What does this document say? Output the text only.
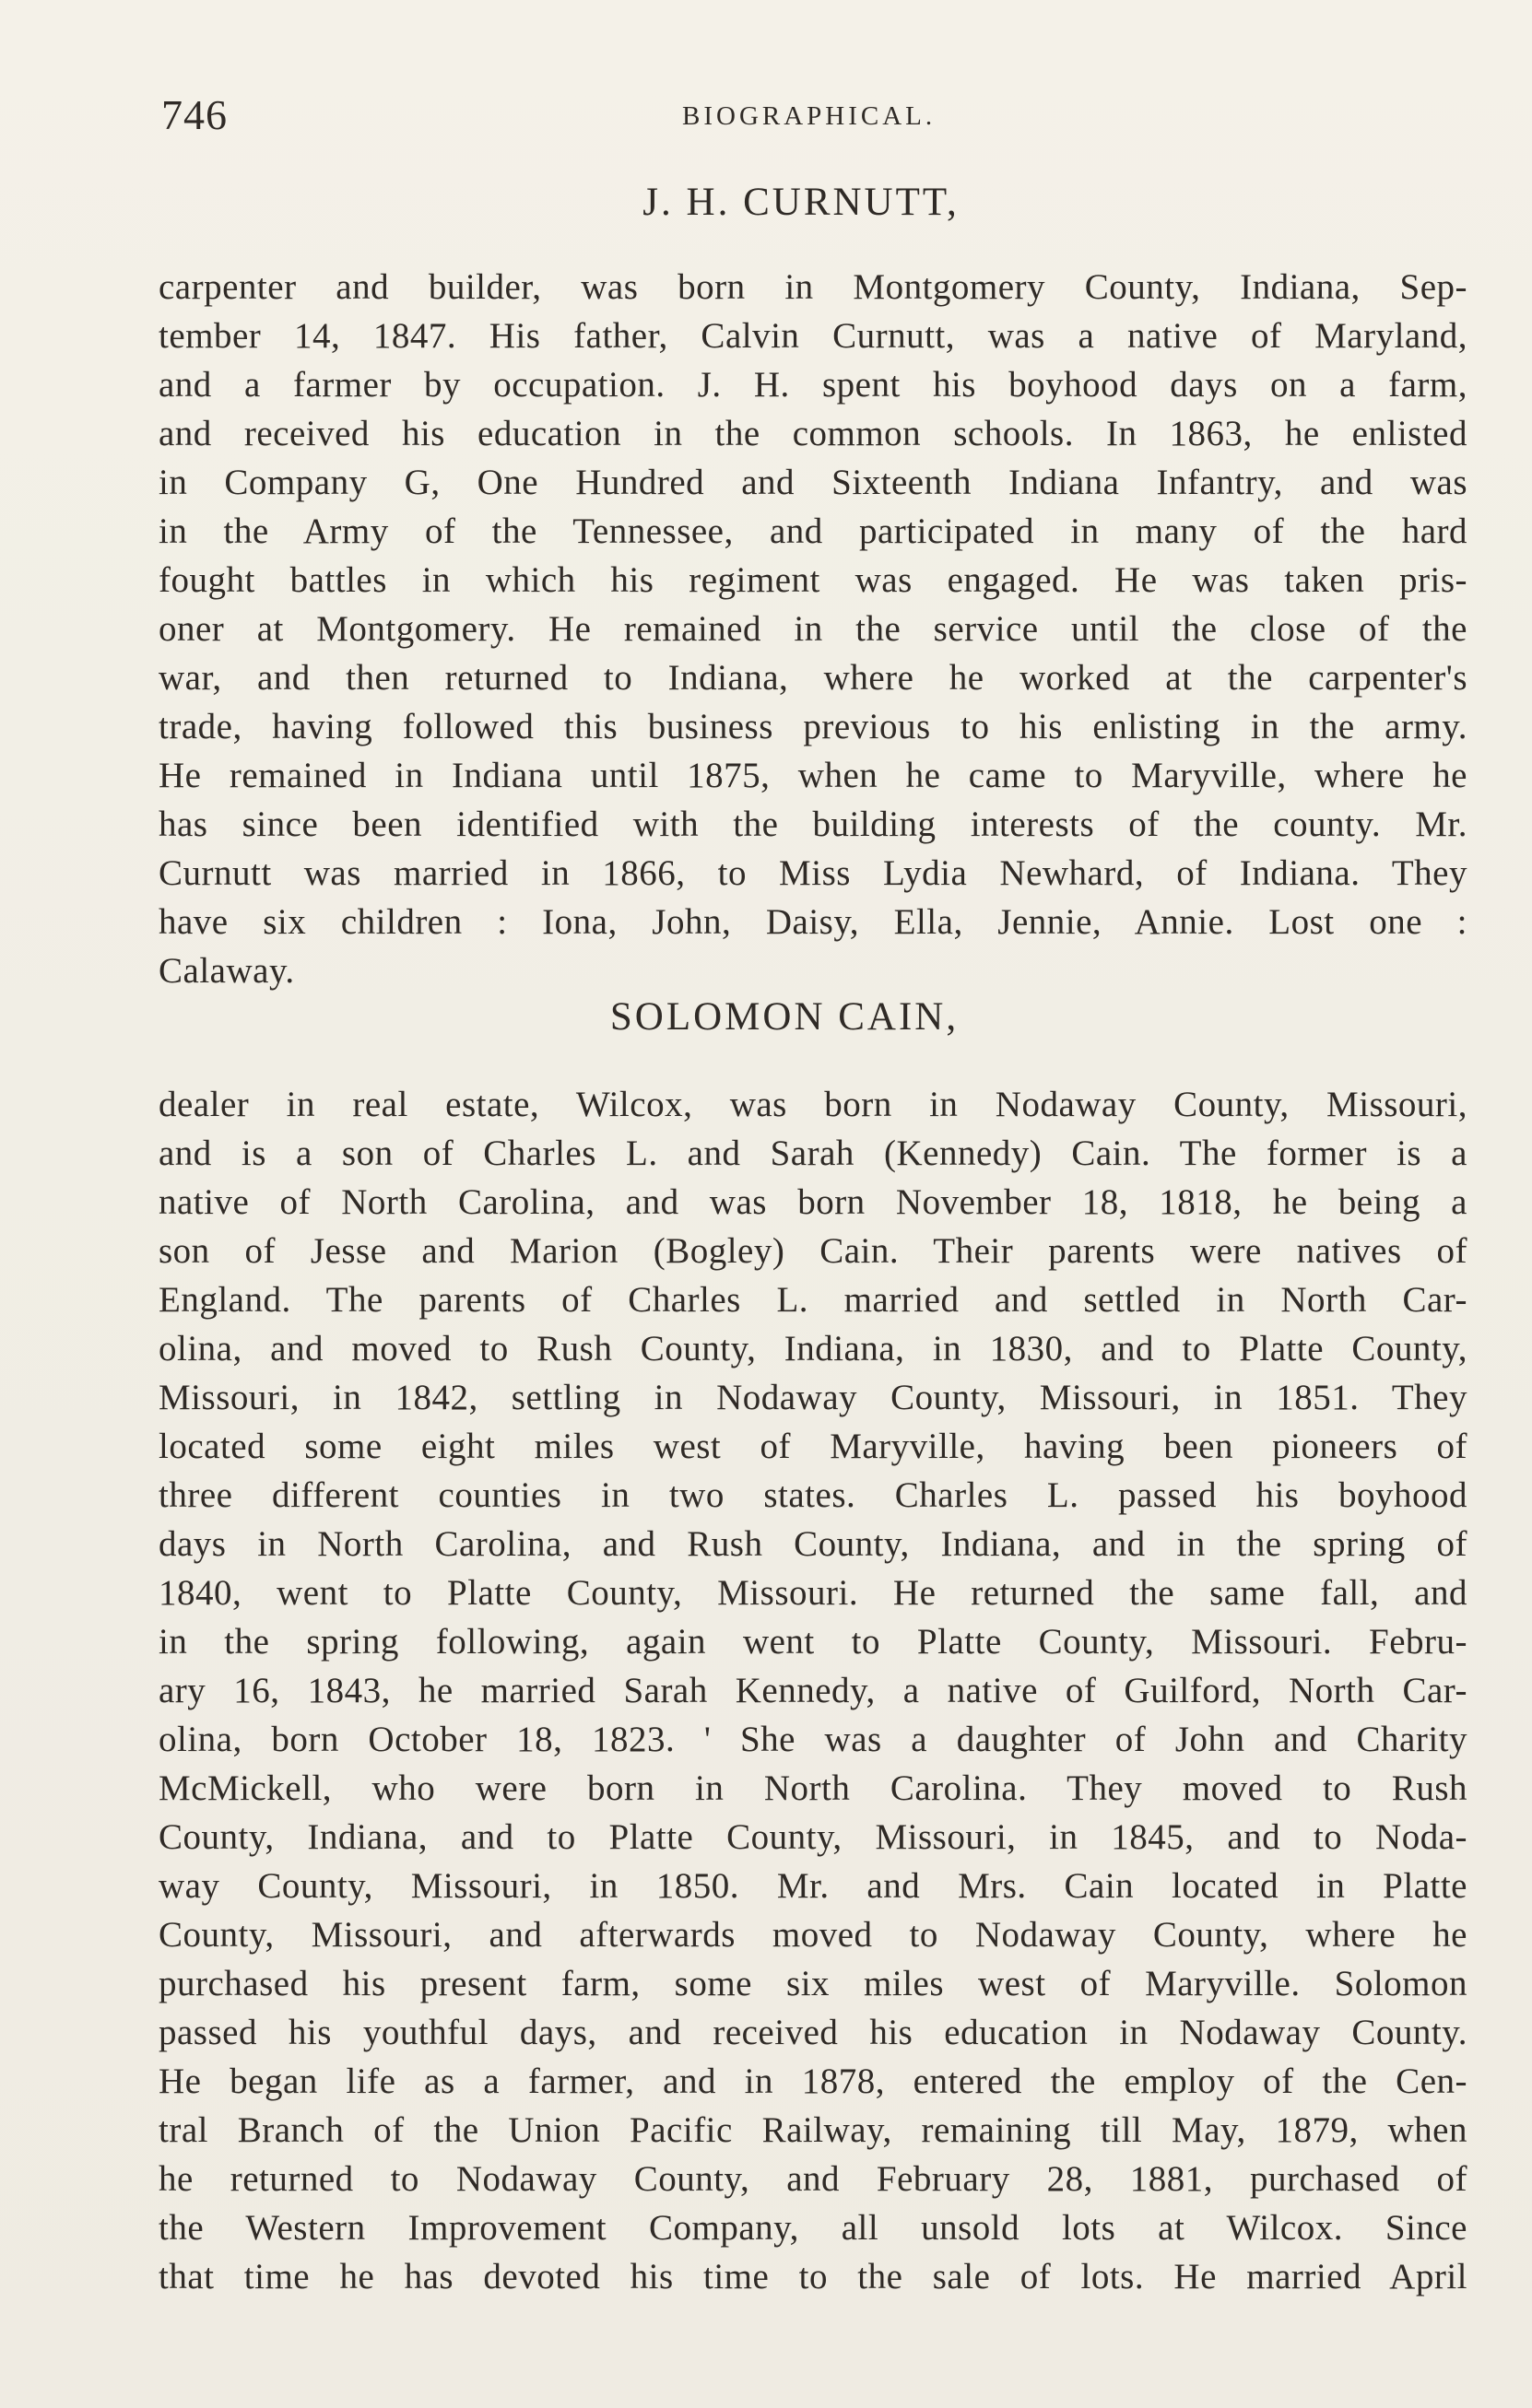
746	BIOGRAPHICAL.
J. H. CURNUTT,
carpenter and builder, was born in Montgomery County, Indiana, Sep-
tember 14, 1847. His father, Calvin Curnutt, was a native of Maryland,
and a farmer by occupation. J. H. spent his boyhood days on a farm,
and received his education in the common schools. In 1863, he enlisted
in Company G, One Hundred and Sixteenth Indiana Infantry, and was
in the Army of the Tennessee, and participated in many of the hard
fought battles in which his regiment was engaged. He was taken pris-
oner at Montgomery. He remained in the service until the close of the
war, and then returned to Indiana, where he worked at the carpenter's
trade, having followed this business previous to his enlisting in the army.
He remained in Indiana until 1875, when he came to Maryville, where he
has since been identified with the building interests of the county. Mr.
Curnutt was married in 1866, to Miss Lydia Newhard, of Indiana. They
have six children : Iona, John, Daisy, Ella, Jennie, Annie. Lost one :
Calaway.
SOLOMON CAIN,
dealer in real estate, Wilcox, was born in Nodaway County, Missouri,
and is a son of Charles L. and Sarah (Kennedy) Cain. The former is a
native of North Carolina, and was born November 18, 1818, he being a
son of Jesse and Marion (Bogley) Cain. Their parents were natives of
England. The parents of Charles L. married and settled in North Car-
olina, and moved to Rush County, Indiana, in 1830, and to Platte County,
Missouri, in 1842, settling in Nodaway County, Missouri, in 1851. They
located some eight miles west of Maryville, having been pioneers of
three different counties in two states. Charles L. passed his boyhood
days in North Carolina, and Rush County, Indiana, and in the spring of
1840, went to Platte County, Missouri. He returned the same fall, and
in the spring following, again went to Platte County, Missouri. Febru-
ary 16, 1843, he married Sarah Kennedy, a native of Guilford, North Car-
olina, born October 18, 1823. ' She was a daughter of John and Charity
McMickell, who were born in North Carolina. They moved to Rush
County, Indiana, and to Platte County, Missouri, in 1845, and to Noda-
way County, Missouri, in 1850. Mr. and Mrs. Cain located in Platte
County, Missouri, and afterwards moved to Nodaway County, where he
purchased his present farm, some six miles west of Maryville. Solomon
passed his youthful days, and received his education in Nodaway County.
He began life as a farmer, and in 1878, entered the employ of the Cen-
tral Branch of the Union Pacific Railway, remaining till May, 1879, when
he returned to Nodaway County, and February 28, 1881, purchased of
the Western Improvement Company, all unsold lots at Wilcox. Since
that time he has devoted his time to the sale of lots. He married April
